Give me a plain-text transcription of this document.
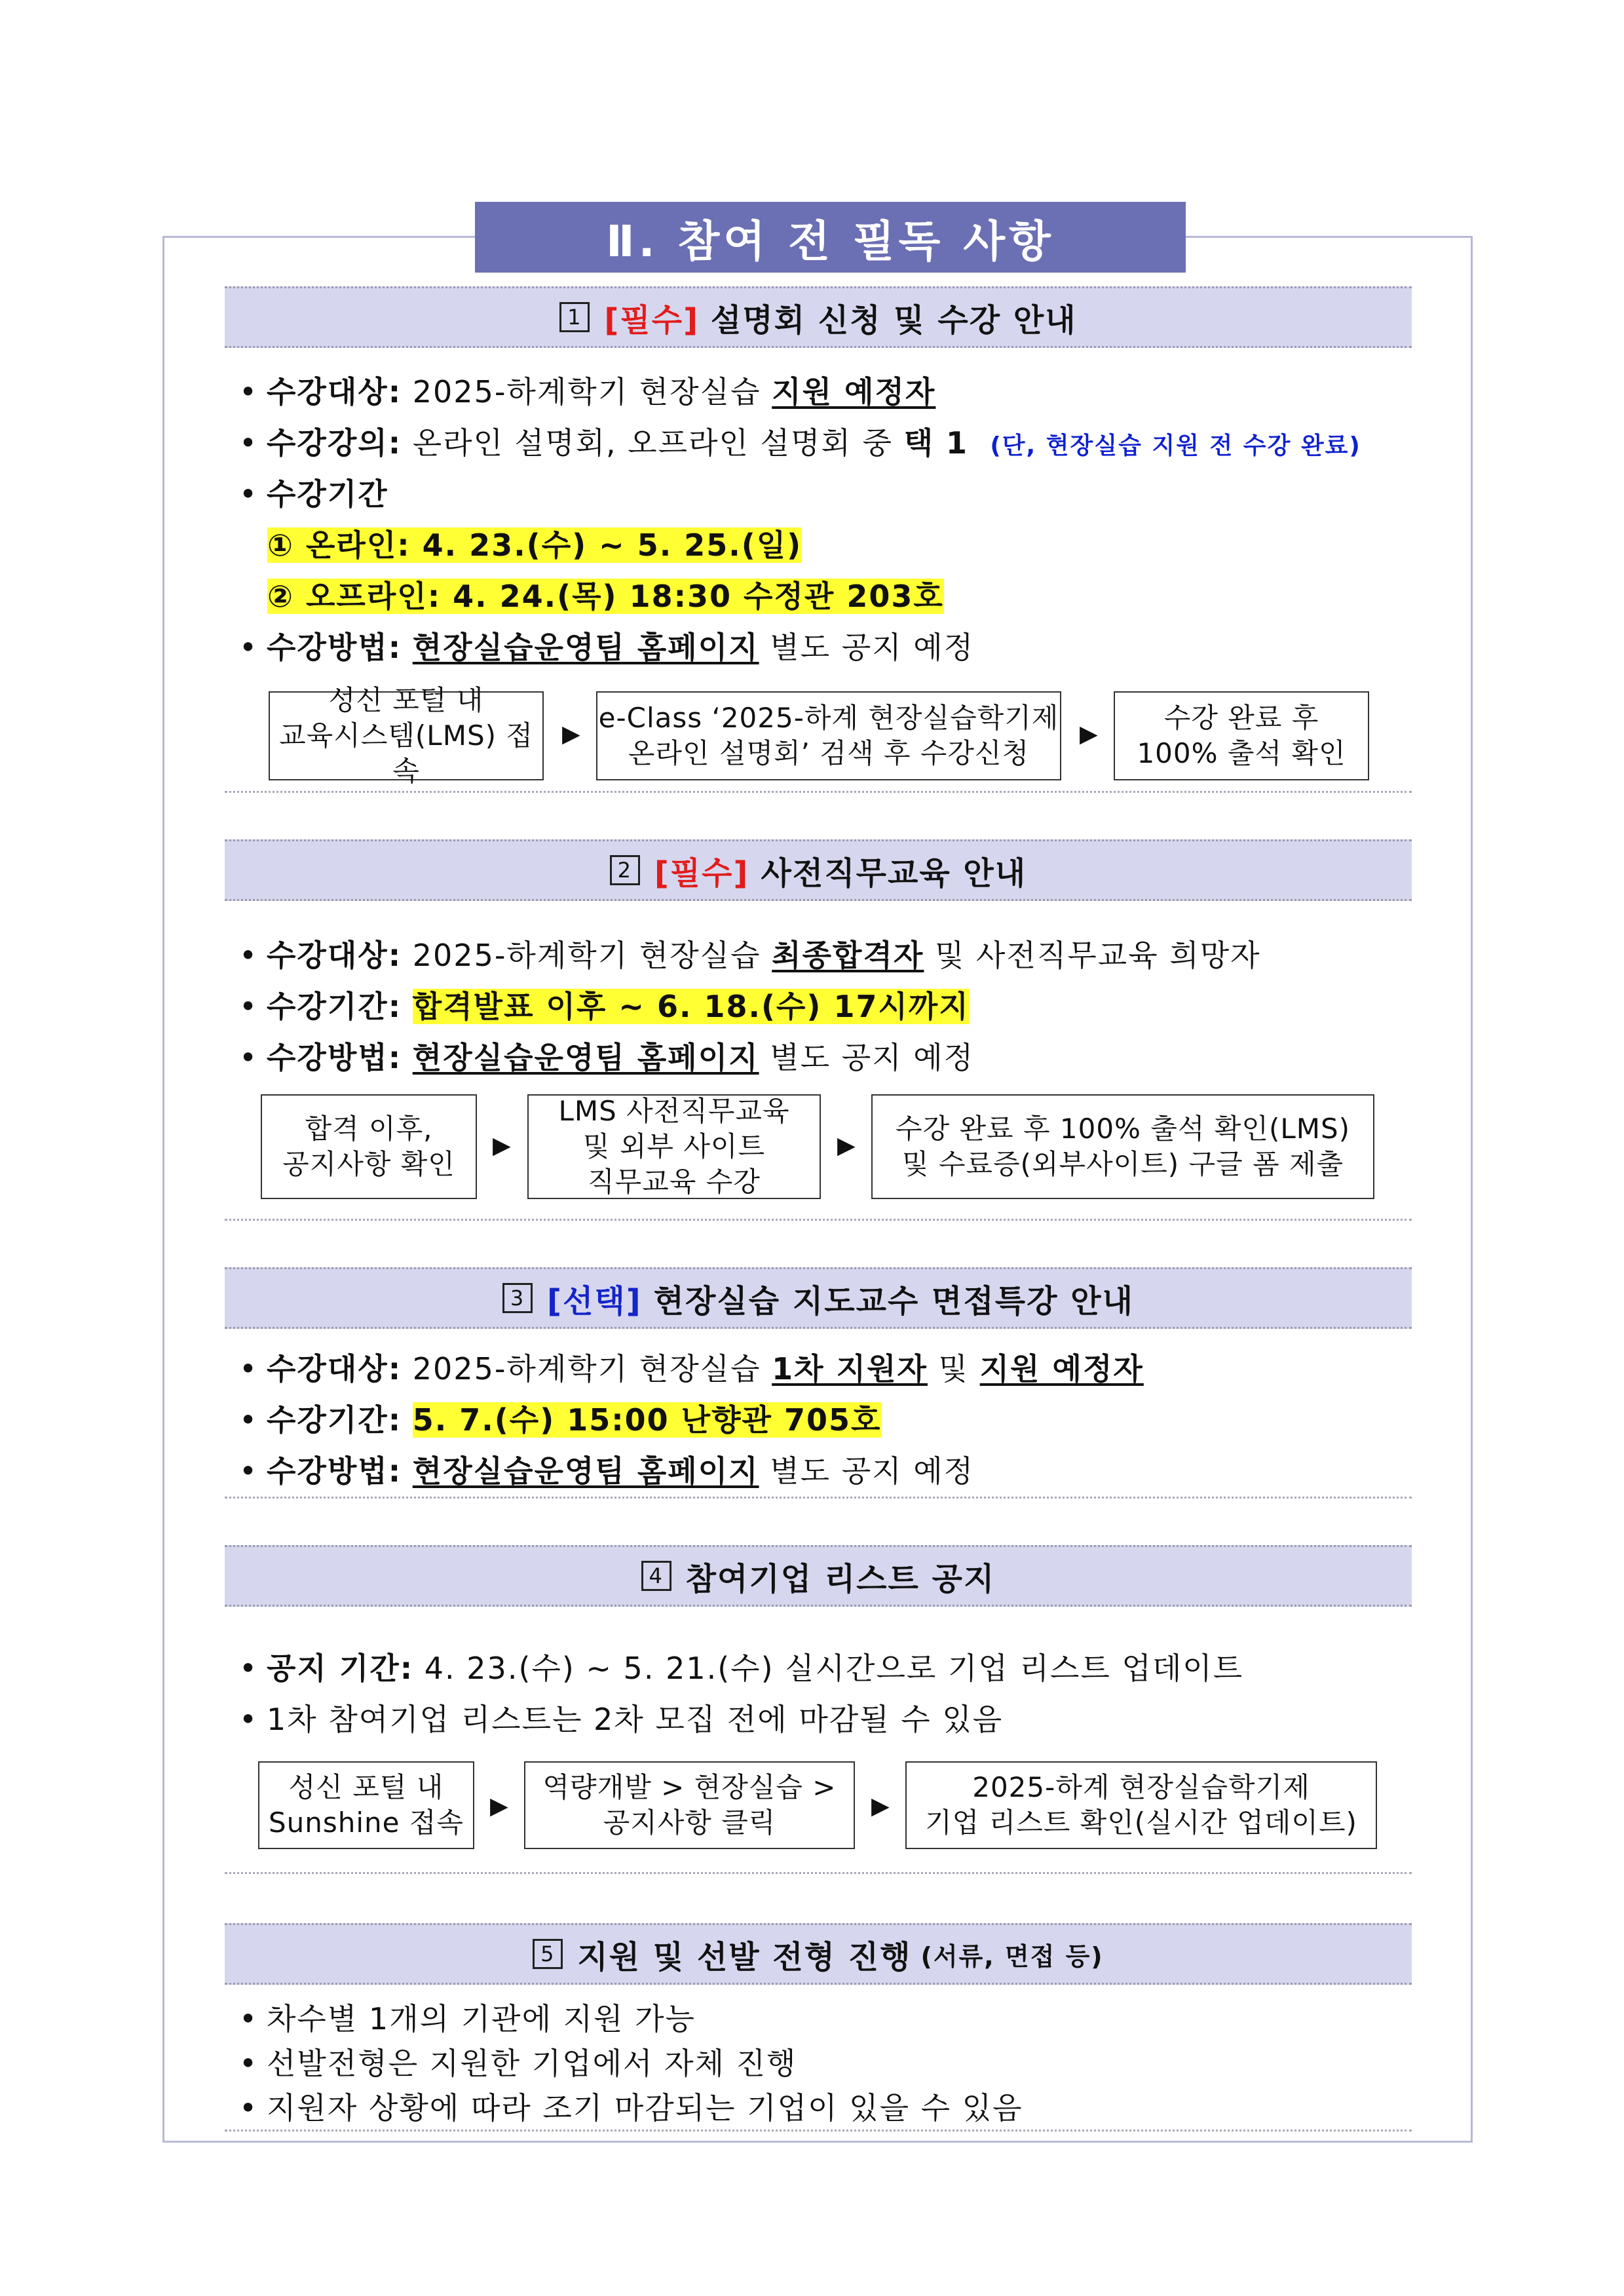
Ⅱ. 참여 전 필독 사항
1 [필수] 설명회 신청 및 수강 안내
• 수강대상: 2025-하계학기 현장실습 지원 예정자
• 수강강의: 온라인 설명회, 오프라인 설명회 중 택 1 (단, 현장실습 지원 전 수강 완료)
• 수강기간
① 온라인: 4. 23.(수) ~ 5. 25.(일)
② 오프라인: 4. 24.(목) 18:30 수정관 203호
• 수강방법: 현장실습운영팀 홈페이지 별도 공지 예정
성신 포털 내
교육시스템(LMS) 접속
▶
e-Class ‘2025-하계 현장실습학기제
온라인 설명회’ 검색 후 수강신청
▶
수강 완료 후
100% 출석 확인
2 [필수] 사전직무교육 안내
• 수강대상: 2025-하계학기 현장실습 최종합격자 및 사전직무교육 희망자
• 수강기간: 합격발표 이후 ~ 6. 18.(수) 17시까지
• 수강방법: 현장실습운영팀 홈페이지 별도 공지 예정
합격 이후,
공지사항 확인
▶
LMS 사전직무교육
및 외부 사이트
직무교육 수강
▶
수강 완료 후 100% 출석 확인(LMS)
및 수료증(외부사이트) 구글 폼 제출
3 [선택] 현장실습 지도교수 면접특강 안내
• 수강대상: 2025-하계학기 현장실습 1차 지원자 및 지원 예정자
• 수강기간: 5. 7.(수) 15:00 난향관 705호
• 수강방법: 현장실습운영팀 홈페이지 별도 공지 예정
4 참여기업 리스트 공지
• 공지 기간: 4. 23.(수) ~ 5. 21.(수) 실시간으로 기업 리스트 업데이트
• 1차 참여기업 리스트는 2차 모집 전에 마감될 수 있음
성신 포털 내
Sunshine 접속
▶
역량개발 > 현장실습 >
공지사항 클릭
▶
2025-하계 현장실습학기제
기업 리스트 확인(실시간 업데이트)
5 지원 및 선발 전형 진행 (서류, 면접 등)
• 차수별 1개의 기관에 지원 가능
• 선발전형은 지원한 기업에서 자체 진행
• 지원자 상황에 따라 조기 마감되는 기업이 있을 수 있음
